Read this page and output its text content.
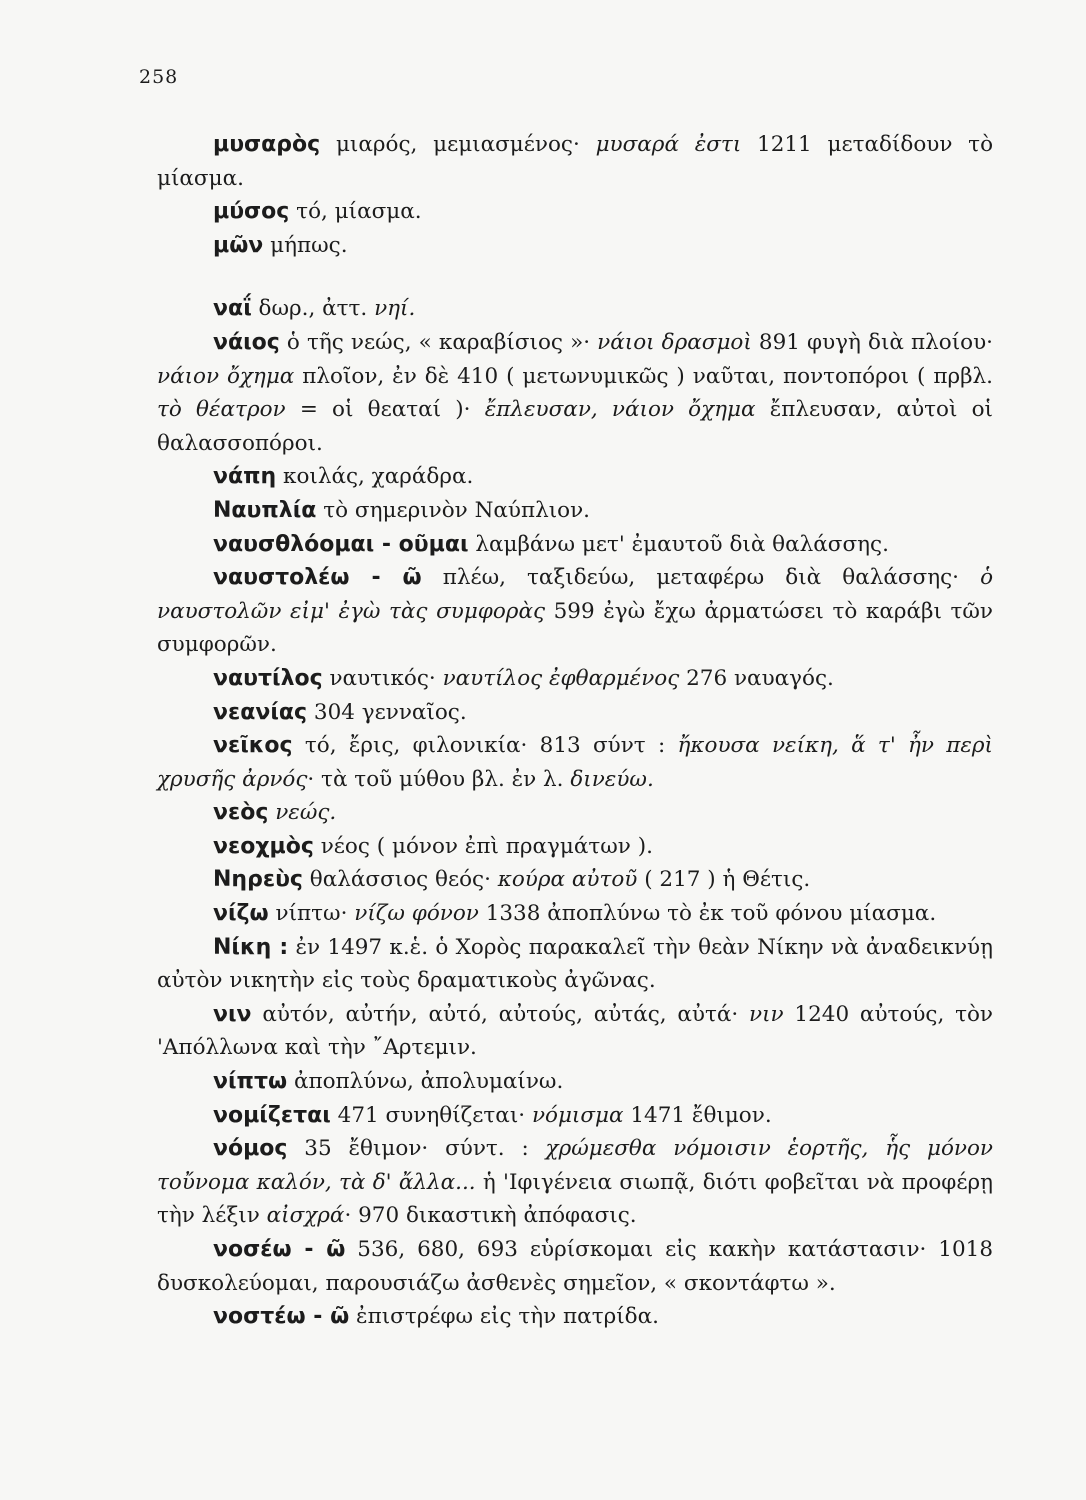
258

μυσαρὸς μιαρός, μεμιασμένος· μυσαρά ἐστι 1211 μεταδίδουν τὸ μίασμα.

μύσος τό, μίασμα.

μῶν μήπως.

ναΐ δωρ., ἀττ. νηί.

νάιος ὁ τῆς νεώς, « καραβίσιος »· νάιοι δρασμοὶ 891 φυγὴ διὰ πλοίου· νάιον ὄχημα πλοῖον, ἐν δὲ 410 ( μετωνυμικῶς ) ναῦται, ποντοπόροι ( πρβλ. τὸ θέατρον = οἱ θεαταί )· ἔπλευσαν, νάιον ὄχημα ἔπλευσαν, αὐτοὶ οἱ θαλασσοπόροι.

νάπη κοιλάς, χαράδρα.

Ναυπλία τὸ σημερινὸν Ναύπλιον.

ναυσθλόομαι - οῦμαι λαμβάνω μετ' ἐμαυτοῦ διὰ θαλάσσης.

ναυστολέω - ῶ πλέω, ταξιδεύω, μεταφέρω διὰ θαλάσσης· ὁ ναυστολῶν εἰμ' ἐγὼ τὰς συμφορὰς 599 ἐγὼ ἔχω ἀρματώσει τὸ καράβι τῶν συμφορῶν.

ναυτίλος ναυτικός· ναυτίλος ἐφθαρμένος 276 ναυαγός.

νεανίας 304 γενναῖος.

νεῖκος τό, ἔρις, φιλονικία· 813 σύντ : ἤκουσα νείκη, ἅ τ' ἦν περὶ χρυσῆς ἀρνός· τὰ τοῦ μύθου βλ. ἐν λ. δινεύω.

νεὸς νεώς.

νεοχμὸς νέος ( μόνον ἐπὶ πραγμάτων ).

Νηρεὺς θαλάσσιος θεός· κούρα αὐτοῦ ( 217 ) ἡ Θέτις.

νίζω νίπτω· νίζω φόνον 1338 ἀποπλύνω τὸ ἐκ τοῦ φόνου μίασμα.

Νίκη : ἐν 1497 κ.ἑ. ὁ Χορὸς παρακαλεῖ τὴν θεὰν Νίκην νὰ ἀναδεικνύῃ αὐτὸν νικητὴν εἰς τοὺς δραματικοὺς ἀγῶνας.

νιν αὐτόν, αὐτήν, αὐτό, αὐτούς, αὐτάς, αὐτά· νιν 1240 αὐτούς, τὸν 'Απόλλωνα καὶ τὴν ῎Αρτεμιν.

νίπτω ἀποπλύνω, ἀπολυμαίνω.

νομίζεται 471 συνηθίζεται· νόμισμα 1471 ἔθιμον.

νόμος 35 ἔθιμον· σύντ. : χρώμεσθα νόμοισιν ἑορτῆς, ἧς μόνον τοὔνομα καλόν, τὰ δ' ἄλλα... ἡ 'Ιφιγένεια σιωπᾷ, διότι φοβεῖται νὰ προφέρῃ τὴν λέξιν αἰσχρά· 970 δικαστικὴ ἀπόφασις.

νοσέω - ῶ 536, 680, 693 εὑρίσκομαι εἰς κακὴν κατάστασιν· 1018 δυσκολεύομαι, παρουσιάζω ἀσθενὲς σημεῖον, « σκοντάφτω ».

νοστέω - ῶ ἐπιστρέφω εἰς τὴν πατρίδα.
